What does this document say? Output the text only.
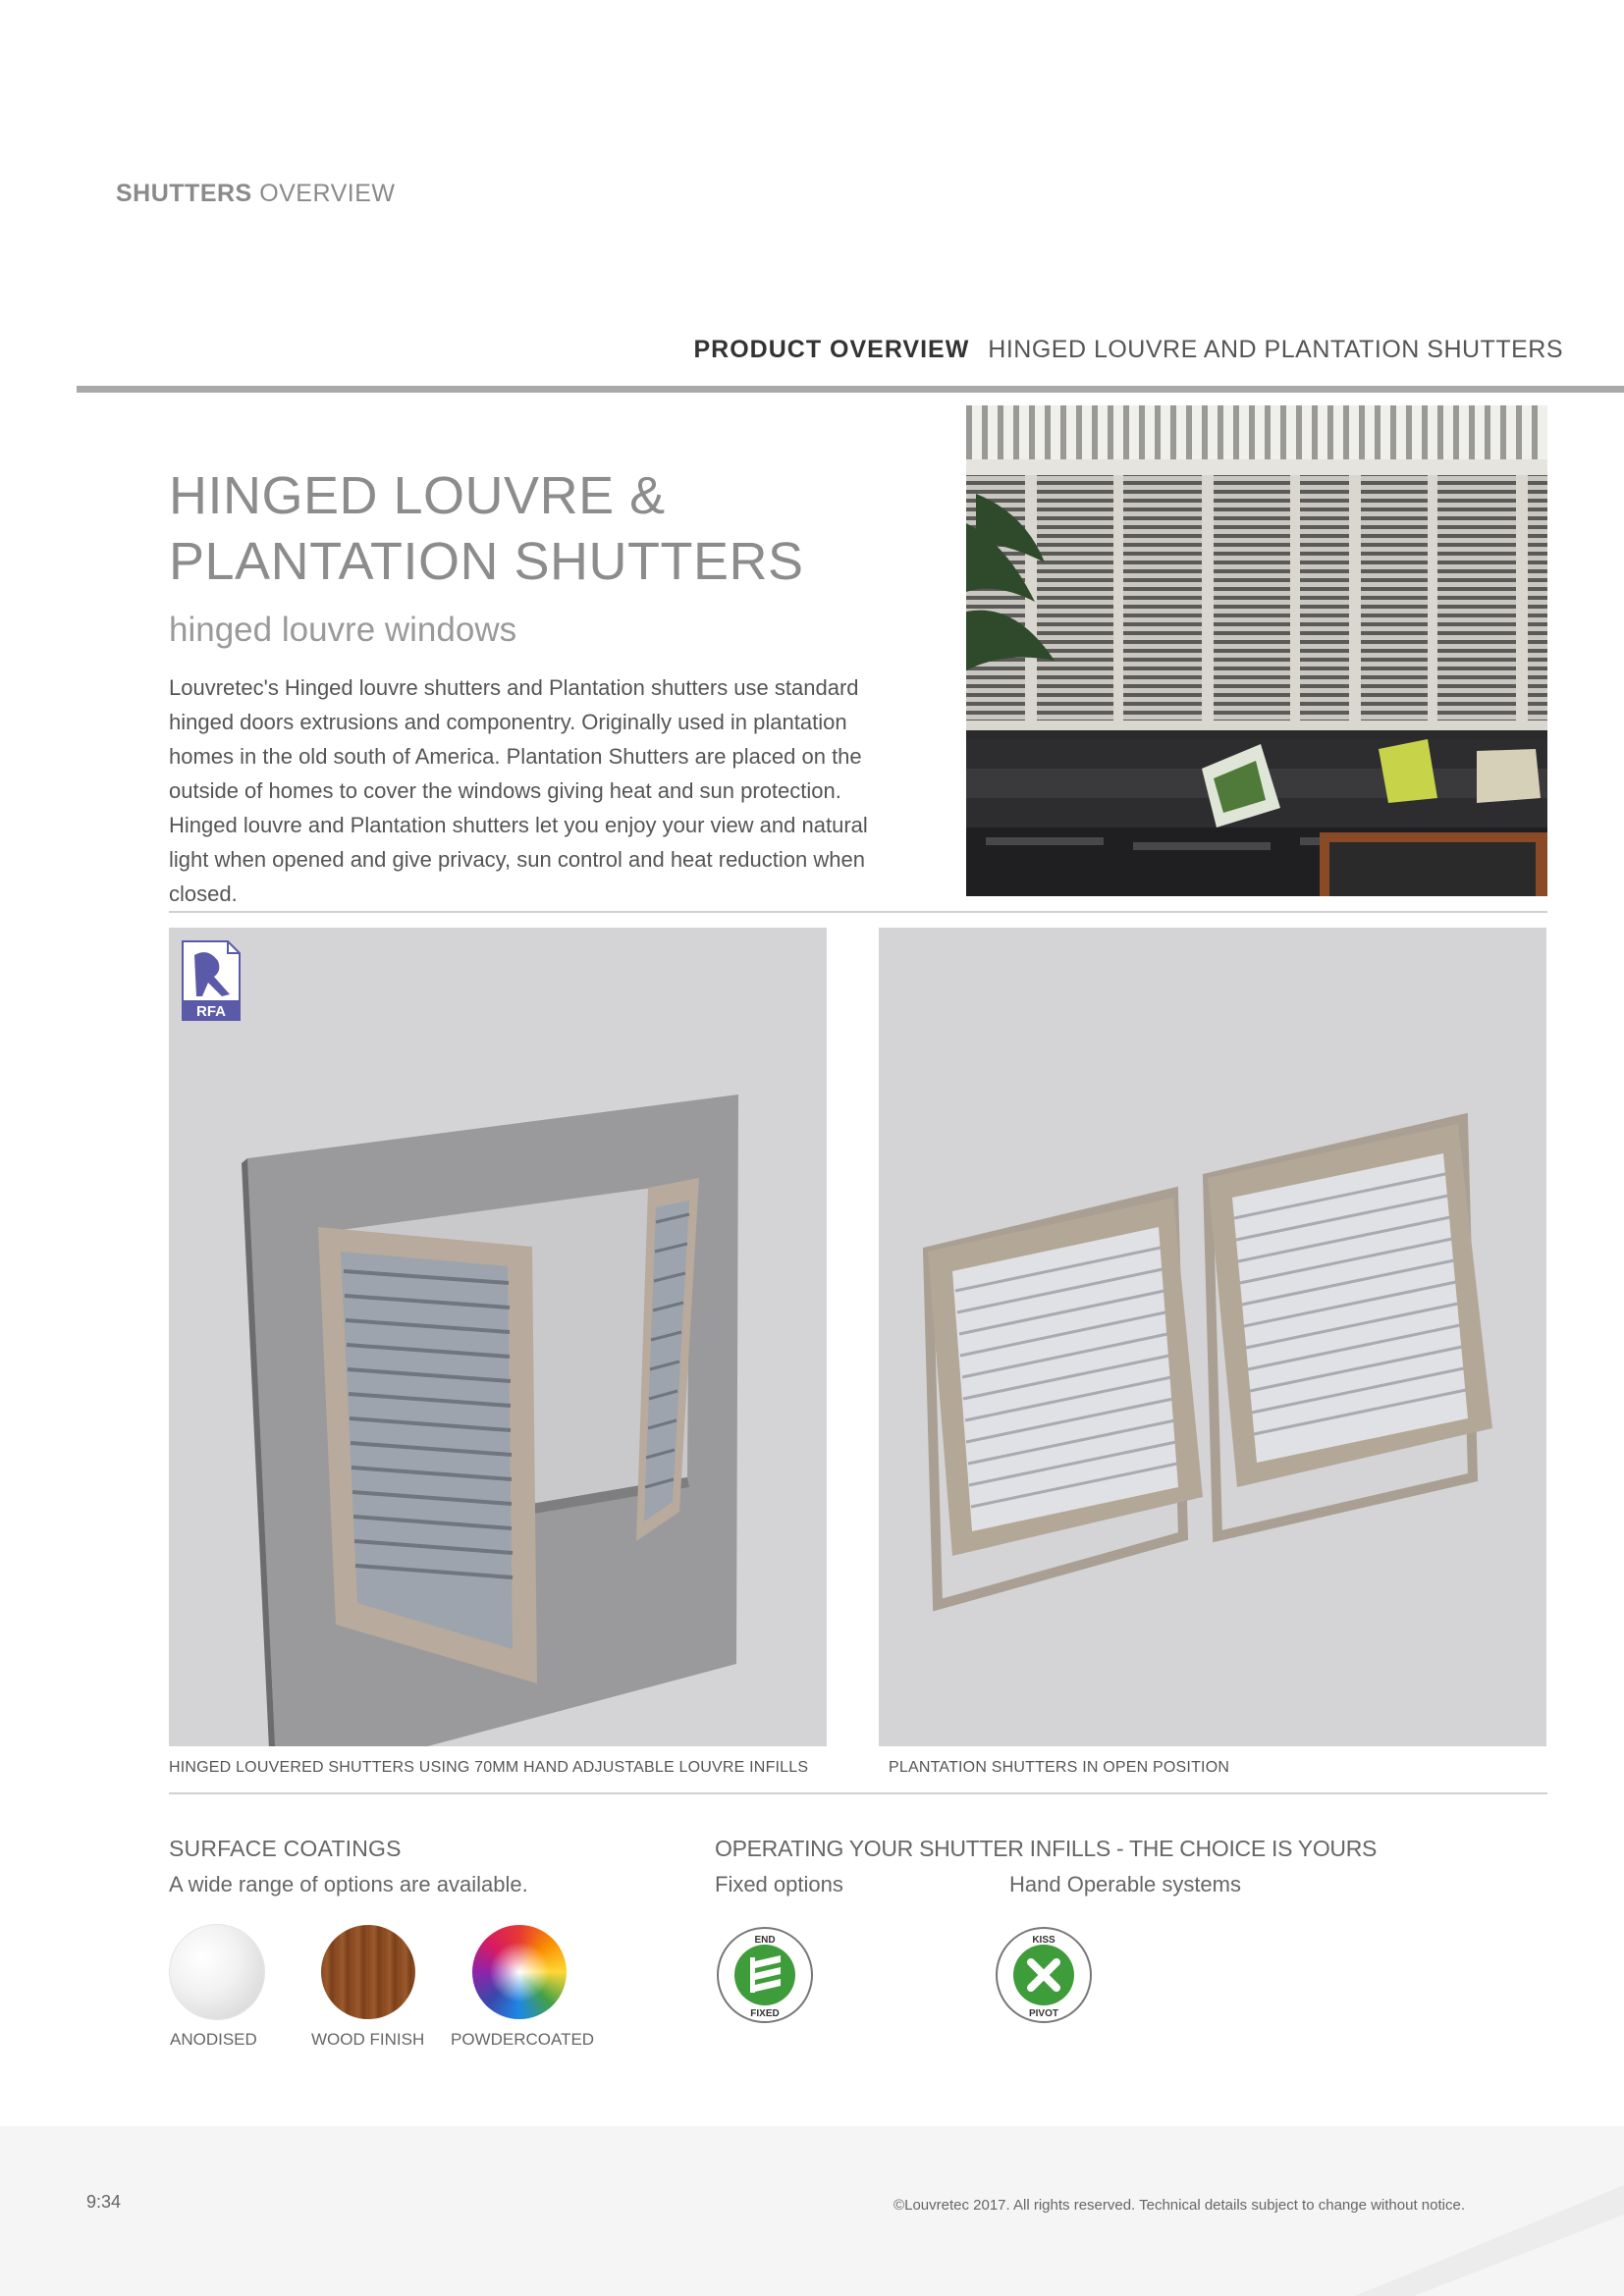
SHUTTERS OVERVIEW
PRODUCT OVERVIEW HINGED LOUVRE AND PLANTATION SHUTTERS
HINGED LOUVRE &
PLANTATION SHUTTERS
hinged louvre windows

Louvretec's Hinged louvre shutters and Plantation shutters use standard hinged doors extrusions and componentry. Originally used in plantation homes in the old south of America. Plantation Shutters are placed on the outside of homes to cover the windows giving heat and sun protection. Hinged louvre and Plantation shutters let you enjoy your view and natural light when opened and give privacy, sun control and heat reduction when closed.

RFA
HINGED LOUVERED SHUTTERS USING 70MM HAND ADJUSTABLE LOUVRE INFILLS	PLANTATION SHUTTERS IN OPEN POSITION
SURFACE COATINGS
A wide range of options are available.
ANODISED	WOOD FINISH POWDERCOATED
OPERATING YOUR SHUTTER INFILLS - THE CHOICE IS YOURS
Fixed options	Hand Operable systems
END
FIXED
KISS
PIVOT
9:34	©Louvretec 2017. All rights reserved. Technical details subject to change without notice.
